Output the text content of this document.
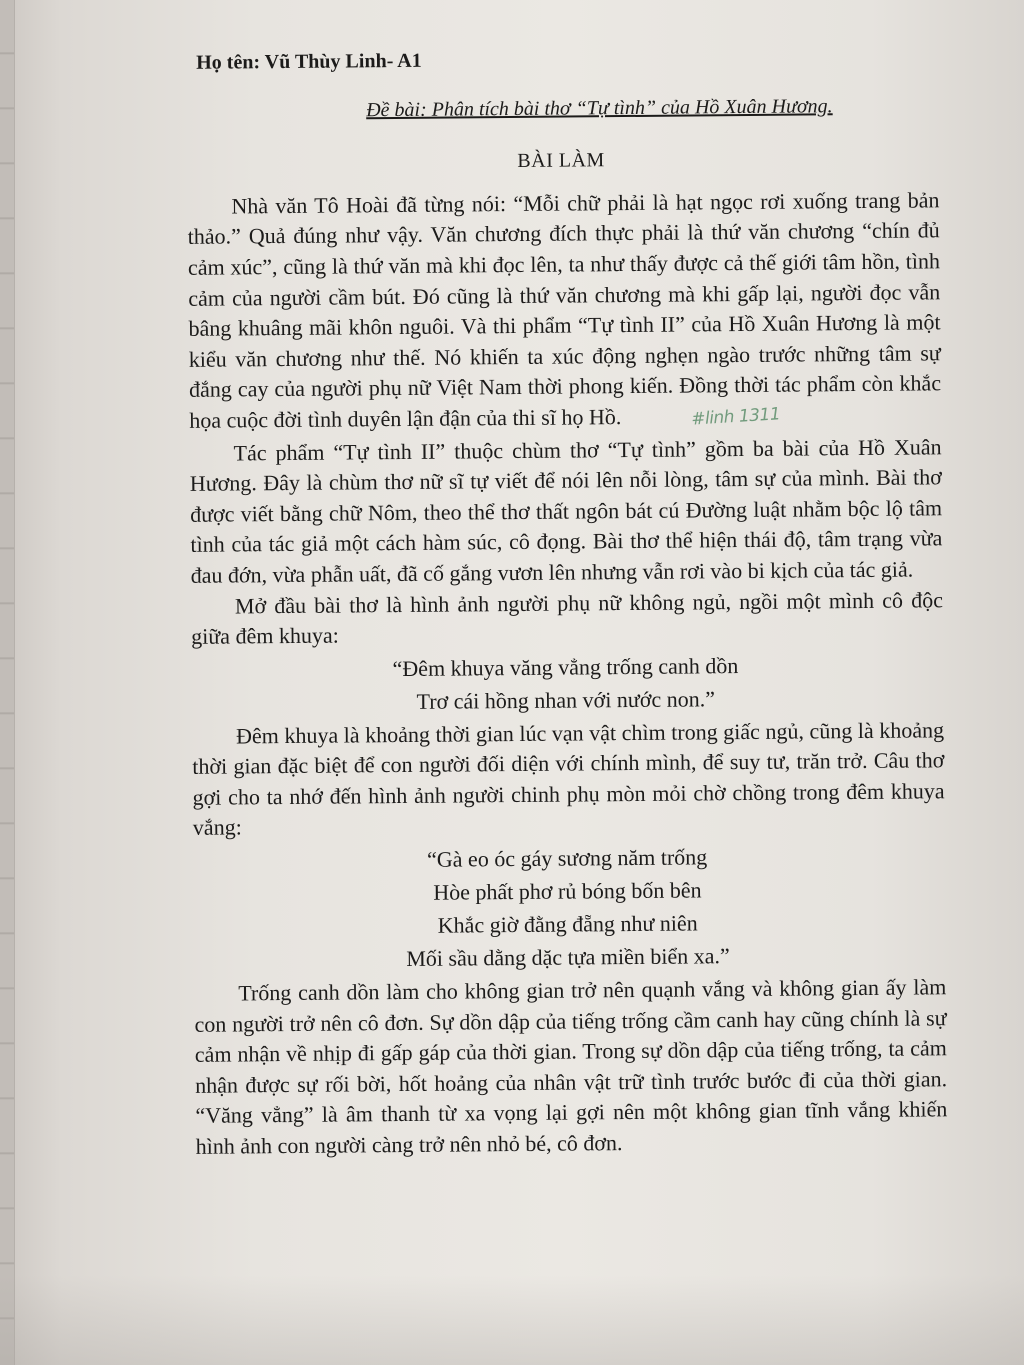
Họ tên: Vũ Thùy Linh- A1
Đề bài: Phân tích bài thơ “Tự tình” của Hồ Xuân Hương.
BÀI LÀM

Nhà văn Tô Hoài đã từng nói: “Mỗi chữ phải là hạt ngọc rơi xuống trang bản thảo.” Quả đúng như vậy. Văn chương đích thực phải là thứ văn chương “chín đủ cảm xúc”, cũng là thứ văn mà khi đọc lên, ta như thấy được cả thế giới tâm hồn, tình cảm của người cầm bút. Đó cũng là thứ văn chương mà khi gấp lại, người đọc vẫn bâng khuâng mãi khôn nguôi. Và thi phẩm “Tự tình II” của Hồ Xuân Hương là một kiểu văn chương như thế. Nó khiến ta xúc động nghẹn ngào trước những tâm sự đắng cay của người phụ nữ Việt Nam thời phong kiến. Đồng thời tác phẩm còn khắc họa cuộc đời tình duyên lận đận của thi sĩ họ Hồ.	#linh 1311

Tác phẩm “Tự tình II” thuộc chùm thơ “Tự tình” gồm ba bài của Hồ Xuân Hương. Đây là chùm thơ nữ sĩ tự viết để nói lên nỗi lòng, tâm sự của mình. Bài thơ được viết bằng chữ Nôm, theo thể thơ thất ngôn bát cú Đường luật nhằm bộc lộ tâm tình của tác giả một cách hàm súc, cô đọng. Bài thơ thể hiện thái độ, tâm trạng vừa đau đớn, vừa phẫn uất, đã cố gắng vươn lên nhưng vẫn rơi vào bi kịch của tác giả.

Mở đầu bài thơ là hình ảnh người phụ nữ không ngủ, ngồi một mình cô độc giữa đêm khuya:

“Đêm khuya văng vẳng trống canh dồn
Trơ cái hồng nhan với nước non.”

Đêm khuya là khoảng thời gian lúc vạn vật chìm trong giấc ngủ, cũng là khoảng thời gian đặc biệt để con người đối diện với chính mình, để suy tư, trăn trở. Câu thơ gợi cho ta nhớ đến hình ảnh người chinh phụ mòn mỏi chờ chồng trong đêm khuya vắng:

“Gà eo óc gáy sương năm trống
Hòe phất phơ rủ bóng bốn bên
Khắc giờ đằng đẵng như niên
Mối sầu dằng dặc tựa miền biển xa.”

Trống canh dồn làm cho không gian trở nên quạnh vắng và không gian ấy làm con người trở nên cô đơn. Sự dồn dập của tiếng trống cầm canh hay cũng chính là sự cảm nhận về nhịp đi gấp gáp của thời gian. Trong sự dồn dập của tiếng trống, ta cảm nhận được sự rối bời, hốt hoảng của nhân vật trữ tình trước bước đi của thời gian. “Văng vẳng” là âm thanh từ xa vọng lại gợi nên một không gian tĩnh vắng khiến hình ảnh con người càng trở nên nhỏ bé, cô đơn.
